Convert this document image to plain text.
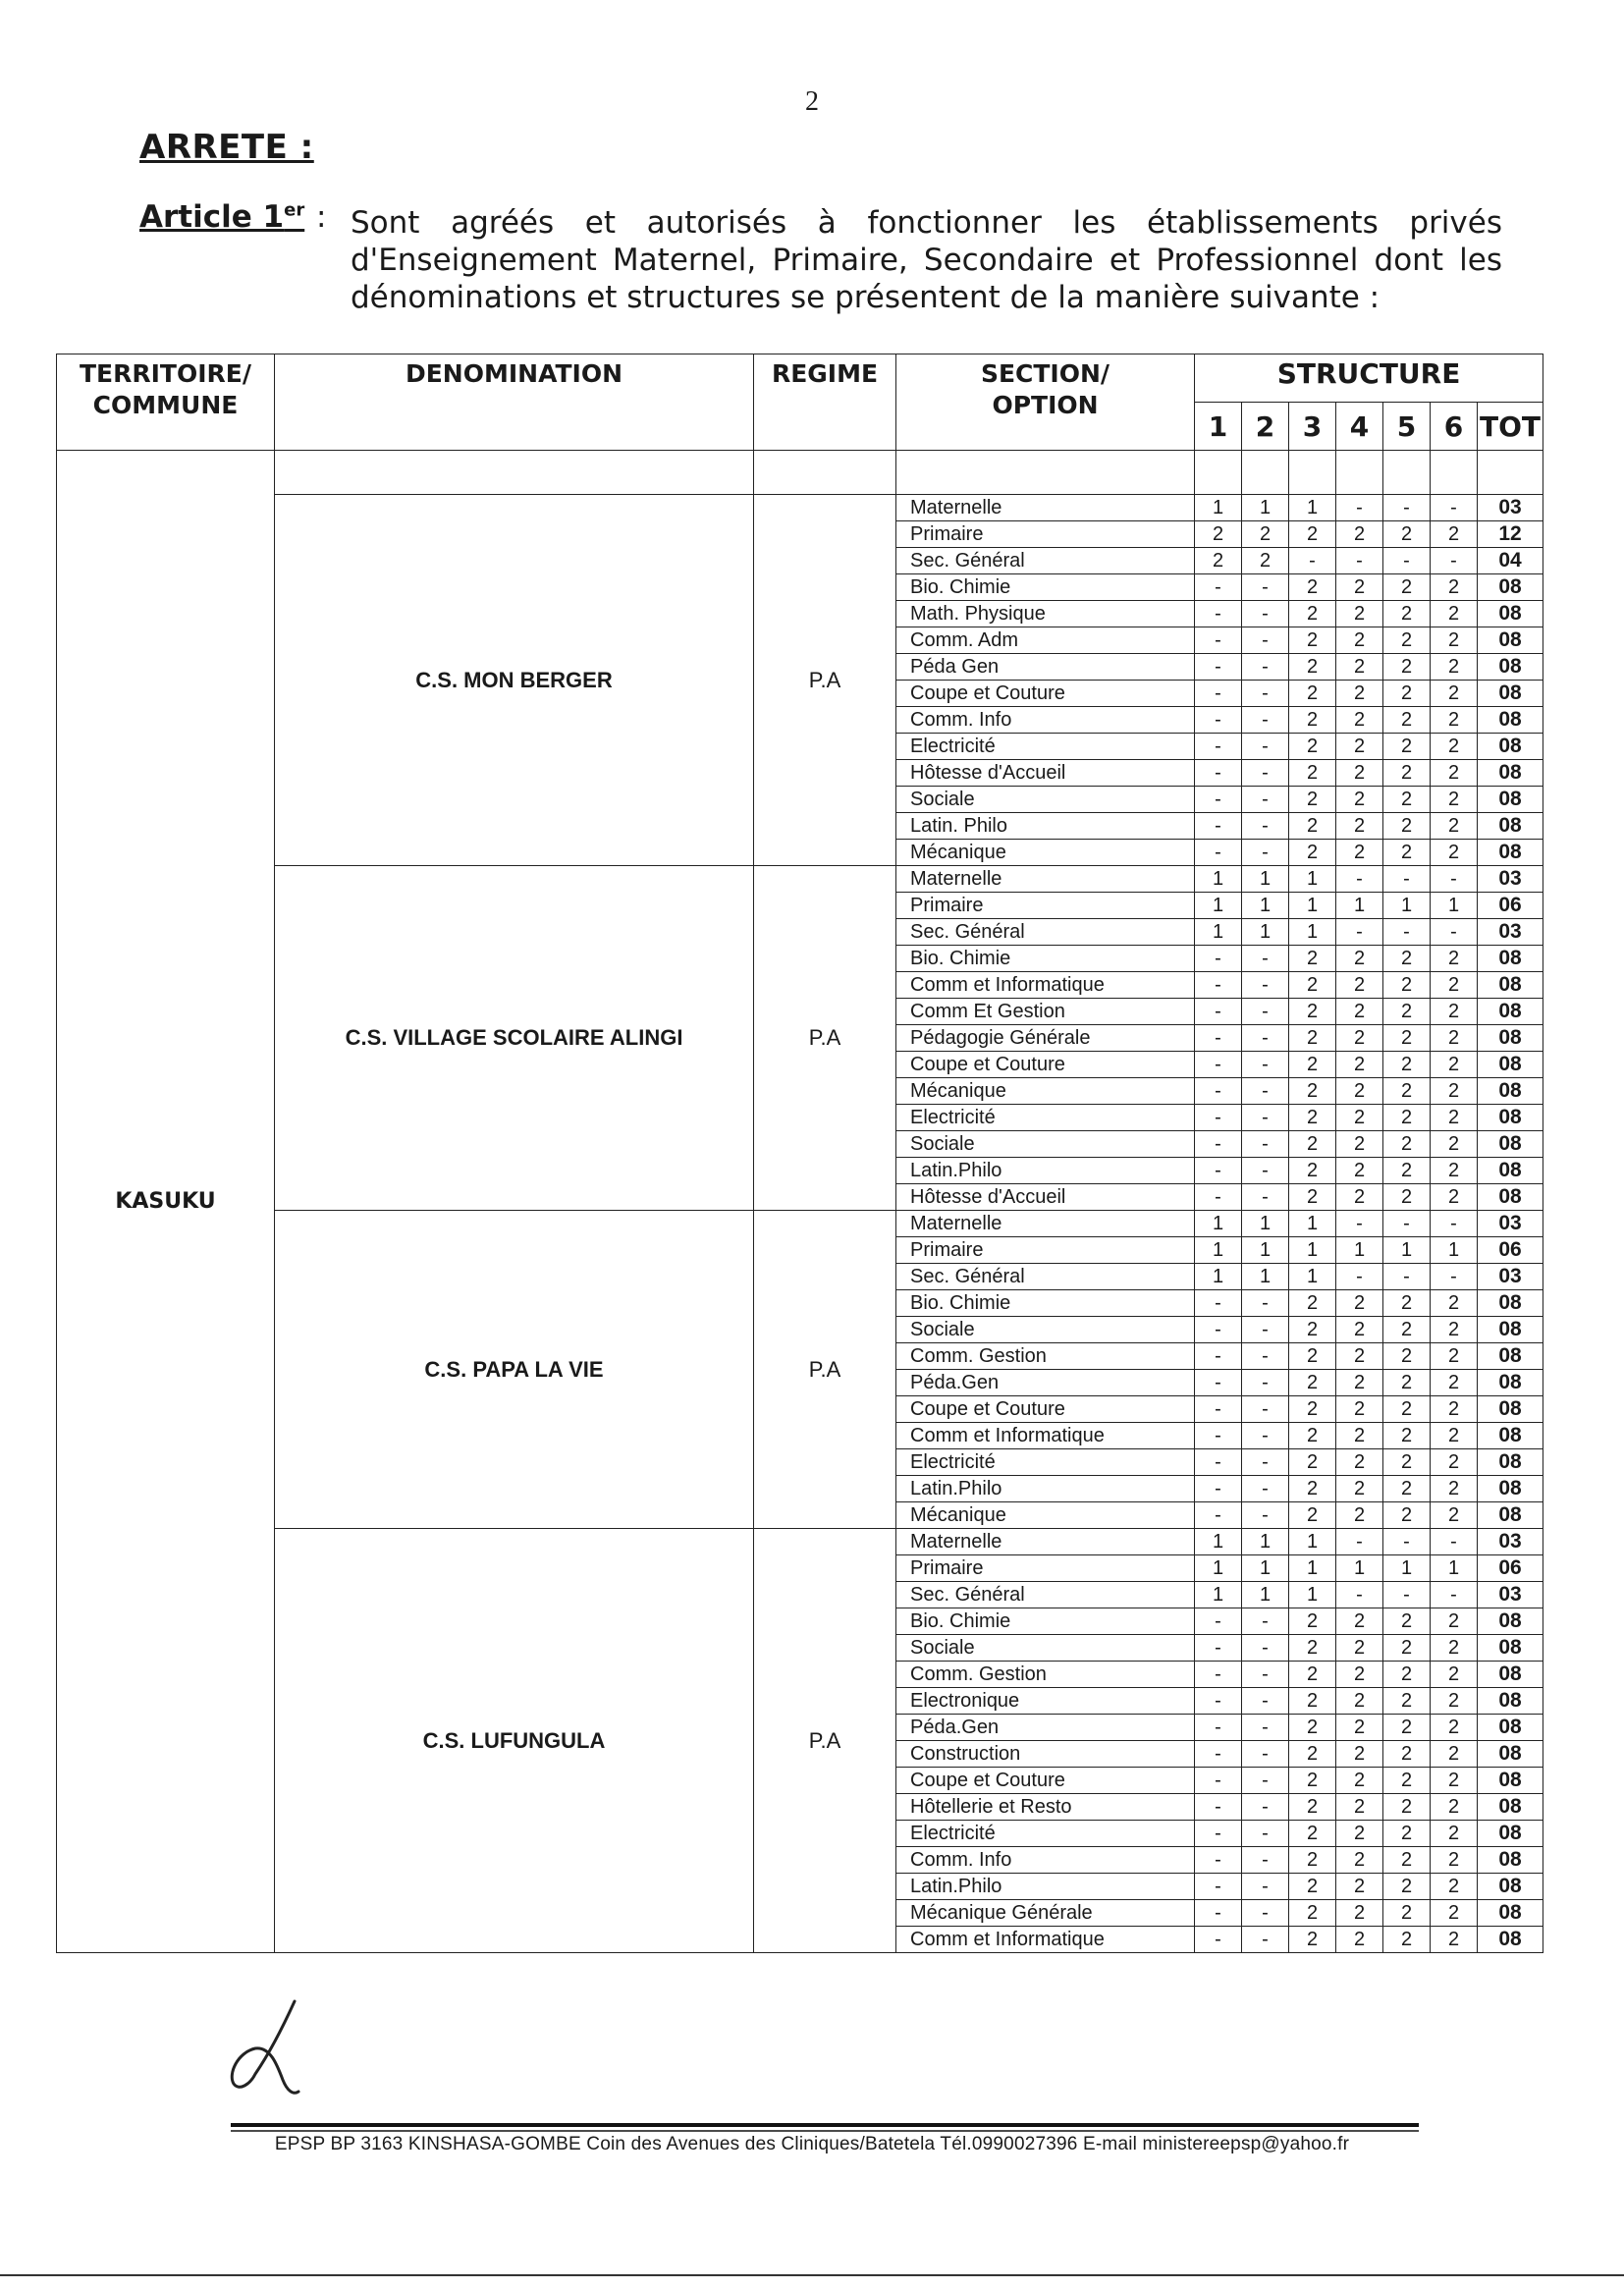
2
ARRETE :
Article 1er : Sont agréés et autorisés à fonctionner les établissements privés d'Enseignement Maternel, Primaire, Secondaire et Professionnel dont les dénominations et structures se présentent de la manière suivante :
TERRITOIRE/ COMMUNE	DENOMINATION	REGIME	SECTION/ OPTION	STRUCTURE						

				1	2	3	4	5	6	TOT
KASUKU										
	C.S. MON BERGER	P.A	Maternelle	1	1	1	-	-	-	03
			Primaire	2	2	2	2	2	2	12
			Sec. Général	2	2	-	-	-	-	04
			Bio. Chimie	-	-	2	2	2	2	08
			Math. Physique	-	-	2	2	2	2	08
			Comm. Adm	-	-	2	2	2	2	08
			Péda Gen	-	-	2	2	2	2	08
			Coupe et Couture	-	-	2	2	2	2	08
			Comm. Info	-	-	2	2	2	2	08
			Electricité	-	-	2	2	2	2	08
			Hôtesse d'Accueil	-	-	2	2	2	2	08
			Sociale	-	-	2	2	2	2	08
			Latin. Philo	-	-	2	2	2	2	08
			Mécanique	-	-	2	2	2	2	08
	C.S. VILLAGE SCOLAIRE ALINGI	P.A	Maternelle	1	1	1	-	-	-	03
			Primaire	1	1	1	1	1	1	06
			Sec. Général	1	1	1	-	-	-	03
			Bio. Chimie	-	-	2	2	2	2	08
			Comm et Informatique	-	-	2	2	2	2	08
			Comm Et Gestion	-	-	2	2	2	2	08
			Pédagogie Générale	-	-	2	2	2	2	08
			Coupe et Couture	-	-	2	2	2	2	08
			Mécanique	-	-	2	2	2	2	08
			Electricité	-	-	2	2	2	2	08
			Sociale	-	-	2	2	2	2	08
			Latin.Philo	-	-	2	2	2	2	08
			Hôtesse d'Accueil	-	-	2	2	2	2	08
	C.S. PAPA LA VIE	P.A	Maternelle	1	1	1	-	-	-	03
			Primaire	1	1	1	1	1	1	06
			Sec. Général	1	1	1	-	-	-	03
			Bio. Chimie	-	-	2	2	2	2	08
			Sociale	-	-	2	2	2	2	08
			Comm. Gestion	-	-	2	2	2	2	08
			Péda.Gen	-	-	2	2	2	2	08
			Coupe et Couture	-	-	2	2	2	2	08
			Comm et Informatique	-	-	2	2	2	2	08
			Electricité	-	-	2	2	2	2	08
			Latin.Philo	-	-	2	2	2	2	08
			Mécanique	-	-	2	2	2	2	08
	C.S. LUFUNGULA	P.A	Maternelle	1	1	1	-	-	-	03
			Primaire	1	1	1	1	1	1	06
			Sec. Général	1	1	1	-	-	-	03
			Bio. Chimie	-	-	2	2	2	2	08
			Sociale	-	-	2	2	2	2	08
			Comm. Gestion	-	-	2	2	2	2	08
			Electronique	-	-	2	2	2	2	08
			Péda.Gen	-	-	2	2	2	2	08
			Construction	-	-	2	2	2	2	08
			Coupe et Couture	-	-	2	2	2	2	08
			Hôtellerie et Resto	-	-	2	2	2	2	08
			Electricité	-	-	2	2	2	2	08
			Comm. Info	-	-	2	2	2	2	08
			Latin.Philo	-	-	2	2	2	2	08
			Mécanique Générale	-	-	2	2	2	2	08
			Comm et Informatique	-	-	2	2	2	2	08
EPSP BP 3163 KINSHASA-GOMBE Coin des Avenues des Cliniques/Batetela Tél.0990027396 E-mail ministereepsp@yahoo.fr
